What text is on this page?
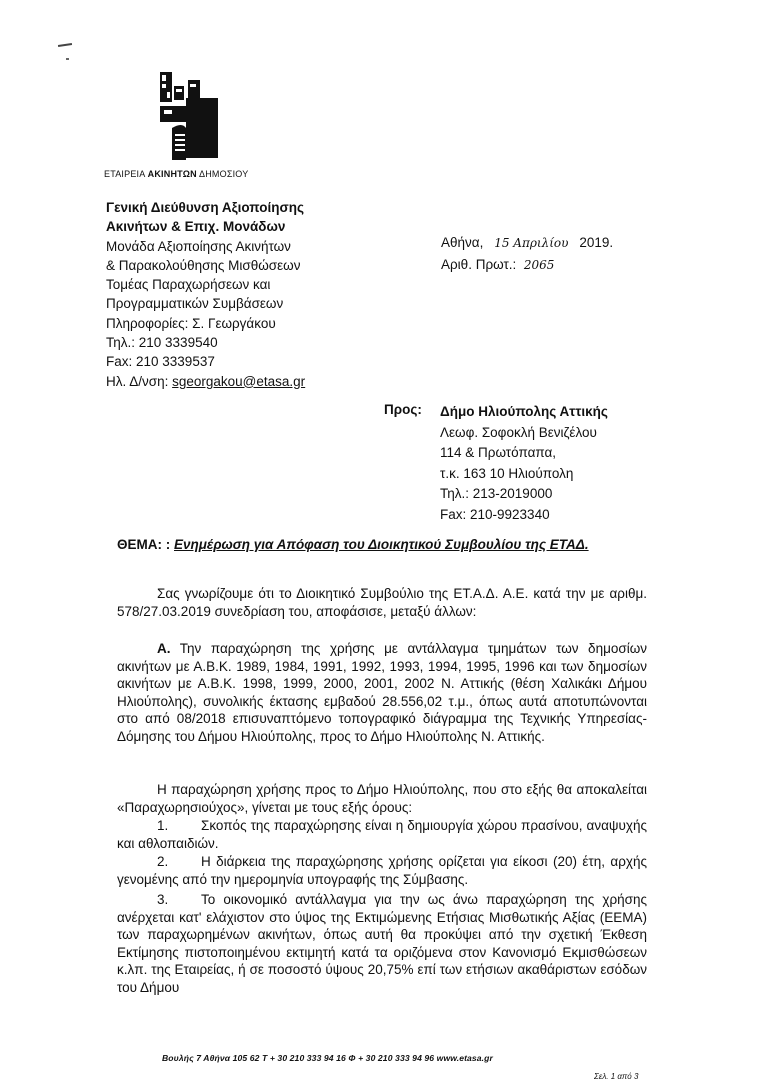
ΕΤΑΙΡΕΙΑ ΑΚΙΝΗΤΩΝ ΔΗΜΟΣΙΟΥ
Γενική Διεύθυνση Αξιοποίησης
Ακινήτων & Επιχ. Μονάδων
Μονάδα Αξιοποίησης Ακινήτων
& Παρακολούθησης Μισθώσεων
Τομέας Παραχωρήσεων και
Προγραμματικών Συμβάσεων
Πληροφορίες: Σ. Γεωργάκου
Τηλ.: 210 3339540
Fax: 210 3339537
Ηλ. Δ/νση: sgeorgakou@etasa.gr
Αθήνα, 15 Απριλίου 2019.
Αριθ. Πρωτ.: 2065
Προς: Δήμο Ηλιούπολης Αττικής
Λεωφ. Σοφοκλή Βενιζέλου
114 & Πρωτόπαπα,
τ.κ. 163 10 Ηλιούπολη
Τηλ.: 213-2019000
Fax: 210-9923340
ΘΕΜΑ: : Ενημέρωση για Απόφαση του Διοικητικού Συμβουλίου της ΕΤΑΔ.
Σας γνωρίζουμε ότι το Διοικητικό Συμβούλιο της ΕΤ.Α.Δ. Α.Ε. κατά την με αριθμ. 578/27.03.2019 συνεδρίαση του, αποφάσισε, μεταξύ άλλων:
Α. Την παραχώρηση της χρήσης με αντάλλαγμα τμημάτων των δημοσίων ακινήτων με Α.Β.Κ. 1989, 1984, 1991, 1992, 1993, 1994, 1995, 1996 και των δημοσίων ακινήτων με Α.Β.Κ. 1998, 1999, 2000, 2001, 2002 Ν. Αττικής (θέση Χαλικάκι Δήμου Ηλιούπολης), συνολικής έκτασης εμβαδού 28.556,02 τ.μ., όπως αυτά αποτυπώνονται στο από 08/2018 επισυναπτόμενο τοπογραφικό διάγραμμα της Τεχνικής Υπηρεσίας-Δόμησης του Δήμου Ηλιούπολης, προς το Δήμο Ηλιούπολης Ν. Αττικής.
Η παραχώρηση χρήσης προς το Δήμο Ηλιούπολης, που στο εξής θα αποκαλείται «Παραχωρησιούχος», γίνεται με τους εξής όρους:
1. Σκοπός της παραχώρησης είναι η δημιουργία χώρου πρασίνου, αναψυχής και αθλοπαιδιών.
2. Η διάρκεια της παραχώρησης χρήσης ορίζεται για είκοσι (20) έτη, αρχής γενομένης από την ημερομηνία υπογραφής της Σύμβασης.
3. Το οικονομικό αντάλλαγμα για την ως άνω παραχώρηση της χρήσης ανέρχεται κατ' ελάχιστον στο ύψος της Εκτιμώμενης Ετήσιας Μισθωτικής Αξίας (ΕΕΜΑ) των παραχωρημένων ακινήτων, όπως αυτή θα προκύψει από την σχετική Έκθεση Εκτίμησης πιστοποιημένου εκτιμητή κατά τα οριζόμενα στον Κανονισμό Εκμισθώσεων κ.λπ. της Εταιρείας, ή σε ποσοστό ύψους 20,75% επί των ετήσιων ακαθάριστων εσόδων του Δήμου
Βουλής 7 Αθήνα 105 62 T + 30 210 333 94 16 Φ + 30 210 333 94 96 www.etasa.gr
Σελ. 1 από 3
